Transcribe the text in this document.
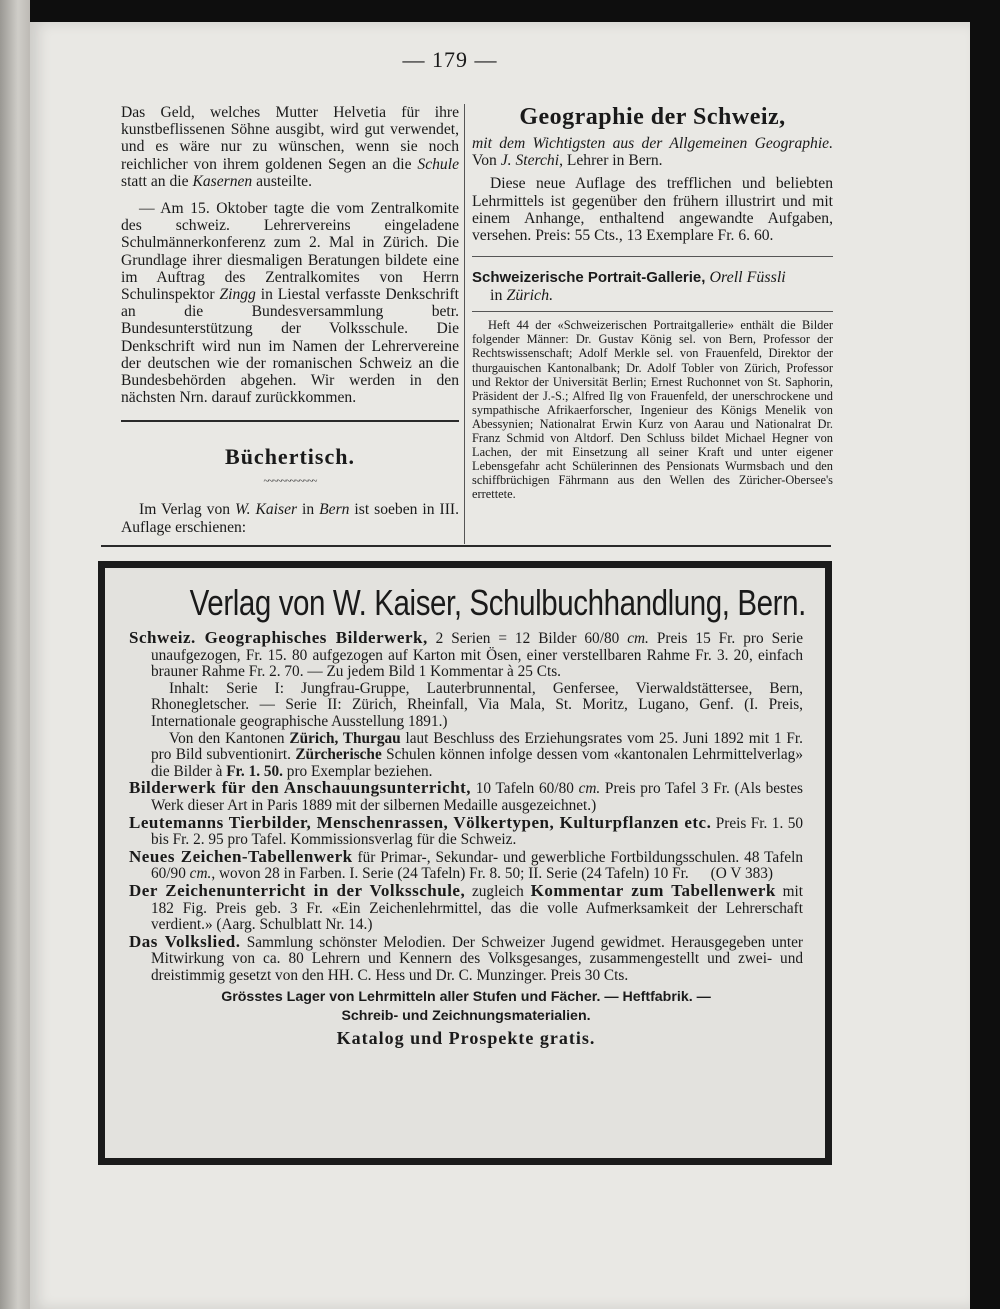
— 179 —

Das Geld, welches Mutter Helvetia für ihre kunstbeflissenen Söhne ausgibt, wird gut verwendet, und es wäre nur zu wünschen, wenn sie noch reichlicher von ihrem goldenen Segen an die Schule statt an die Kasernen austeilte.

— Am 15. Oktober tagte die vom Zentralkomite des schweiz. Lehrervereins eingeladene Schulmännerkonferenz zum 2. Mal in Zürich. Die Grundlage ihrer diesmaligen Beratungen bildete eine im Auftrag des Zentralkomites von Herrn Schulinspektor Zingg in Liestal verfasste Denkschrift an die Bundesversammlung betr. Bundesunterstützung der Volksschule. Die Denkschrift wird nun im Namen der Lehrervereine der deutschen wie der romanischen Schweiz an die Bundesbehörden abgehen. Wir werden in den nächsten Nrn. darauf zurückkommen.

Büchertisch.
~~~~~~~~~~~~

Im Verlag von W. Kaiser in Bern ist soeben in III. Auflage erschienen:

Geographie der Schweiz,

mit dem Wichtigsten aus der Allgemeinen Geographie. Von J. Sterchi, Lehrer in Bern.

Diese neue Auflage des trefflichen und beliebten Lehrmittels ist gegenüber den frühern illustrirt und mit einem Anhange, enthaltend angewandte Aufgaben, versehen. Preis: 55 Cts., 13 Exemplare Fr. 6. 60.

Schweizerische Portrait-Gallerie, Orell Füssli
in Zürich.

Heft 44 der «Schweizerischen Portraitgallerie» enthält die Bilder folgender Männer: Dr. Gustav König sel. von Bern, Professor der Rechtswissenschaft; Adolf Merkle sel. von Frauenfeld, Direktor der thurgauischen Kantonalbank; Dr. Adolf Tobler von Zürich, Professor und Rektor der Universität Berlin; Ernest Ruchonnet von St. Saphorin, Präsident der J.-S.; Alfred Ilg von Frauenfeld, der unerschrockene und sympathische Afrikaerforscher, Ingenieur des Königs Menelik von Abessynien; Nationalrat Erwin Kurz von Aarau und Nationalrat Dr. Franz Schmid von Altdorf. Den Schluss bildet Michael Hegner von Lachen, der mit Einsetzung all seiner Kraft und unter eigener Lebensgefahr acht Schülerinnen des Pensionats Wurmsbach und den schiffbrüchigen Fährmann aus den Wellen des Züricher-Obersee's errettete.

Verlag von W. Kaiser, Schulbuchhandlung, Bern.

Schweiz. Geographisches Bilderwerk, 2 Serien = 12 Bilder 60/80 cm. Preis 15 Fr. pro Serie unaufgezogen, Fr. 15. 80 aufgezogen auf Karton mit Ösen, einer verstellbaren Rahme Fr. 3. 20, einfach brauner Rahme Fr. 2. 70. — Zu jedem Bild 1 Kommentar à 25 Cts.

Inhalt: Serie I: Jungfrau-Gruppe, Lauterbrunnental, Genfersee, Vierwaldstättersee, Bern, Rhonegletscher. — Serie II: Zürich, Rheinfall, Via Mala, St. Moritz, Lugano, Genf. (I. Preis, Internationale geographische Ausstellung 1891.)

Von den Kantonen Zürich, Thurgau laut Beschluss des Erziehungsrates vom 25. Juni 1892 mit 1 Fr. pro Bild subventionirt. Zürcherische Schulen können infolge dessen vom «kantonalen Lehrmittelverlag» die Bilder à Fr. 1. 50. pro Exemplar beziehen.

Bilderwerk für den Anschauungsunterricht, 10 Tafeln 60/80 cm. Preis pro Tafel 3 Fr. (Als bestes Werk dieser Art in Paris 1889 mit der silbernen Medaille ausgezeichnet.)

Leutemanns Tierbilder, Menschenrassen, Völkertypen, Kulturpflanzen etc. Preis Fr. 1. 50 bis Fr. 2. 95 pro Tafel. Kommissionsverlag für die Schweiz.

Neues Zeichen-Tabellenwerk für Primar-, Sekundar- und gewerbliche Fortbildungsschulen. 48 Tafeln 60/90 cm., wovon 28 in Farben. I. Serie (24 Tafeln) Fr. 8. 50; II. Serie (24 Tafeln) 10 Fr. (O V 383)

Der Zeichenunterricht in der Volksschule, zugleich Kommentar zum Tabellenwerk mit 182 Fig. Preis geb. 3 Fr. «Ein Zeichenlehrmittel, das die volle Aufmerksamkeit der Lehrerschaft verdient.» (Aarg. Schulblatt Nr. 14.)

Das Volkslied. Sammlung schönster Melodien. Der Schweizer Jugend gewidmet. Herausgegeben unter Mitwirkung von ca. 80 Lehrern und Kennern des Volksgesanges, zusammengestellt und zwei- und dreistimmig gesetzt von den HH. C. Hess und Dr. C. Munzinger. Preis 30 Cts.

Grösstes Lager von Lehrmitteln aller Stufen und Fächer. — Heftfabrik. —
Schreib- und Zeichnungsmaterialien.
Katalog und Prospekte gratis.
